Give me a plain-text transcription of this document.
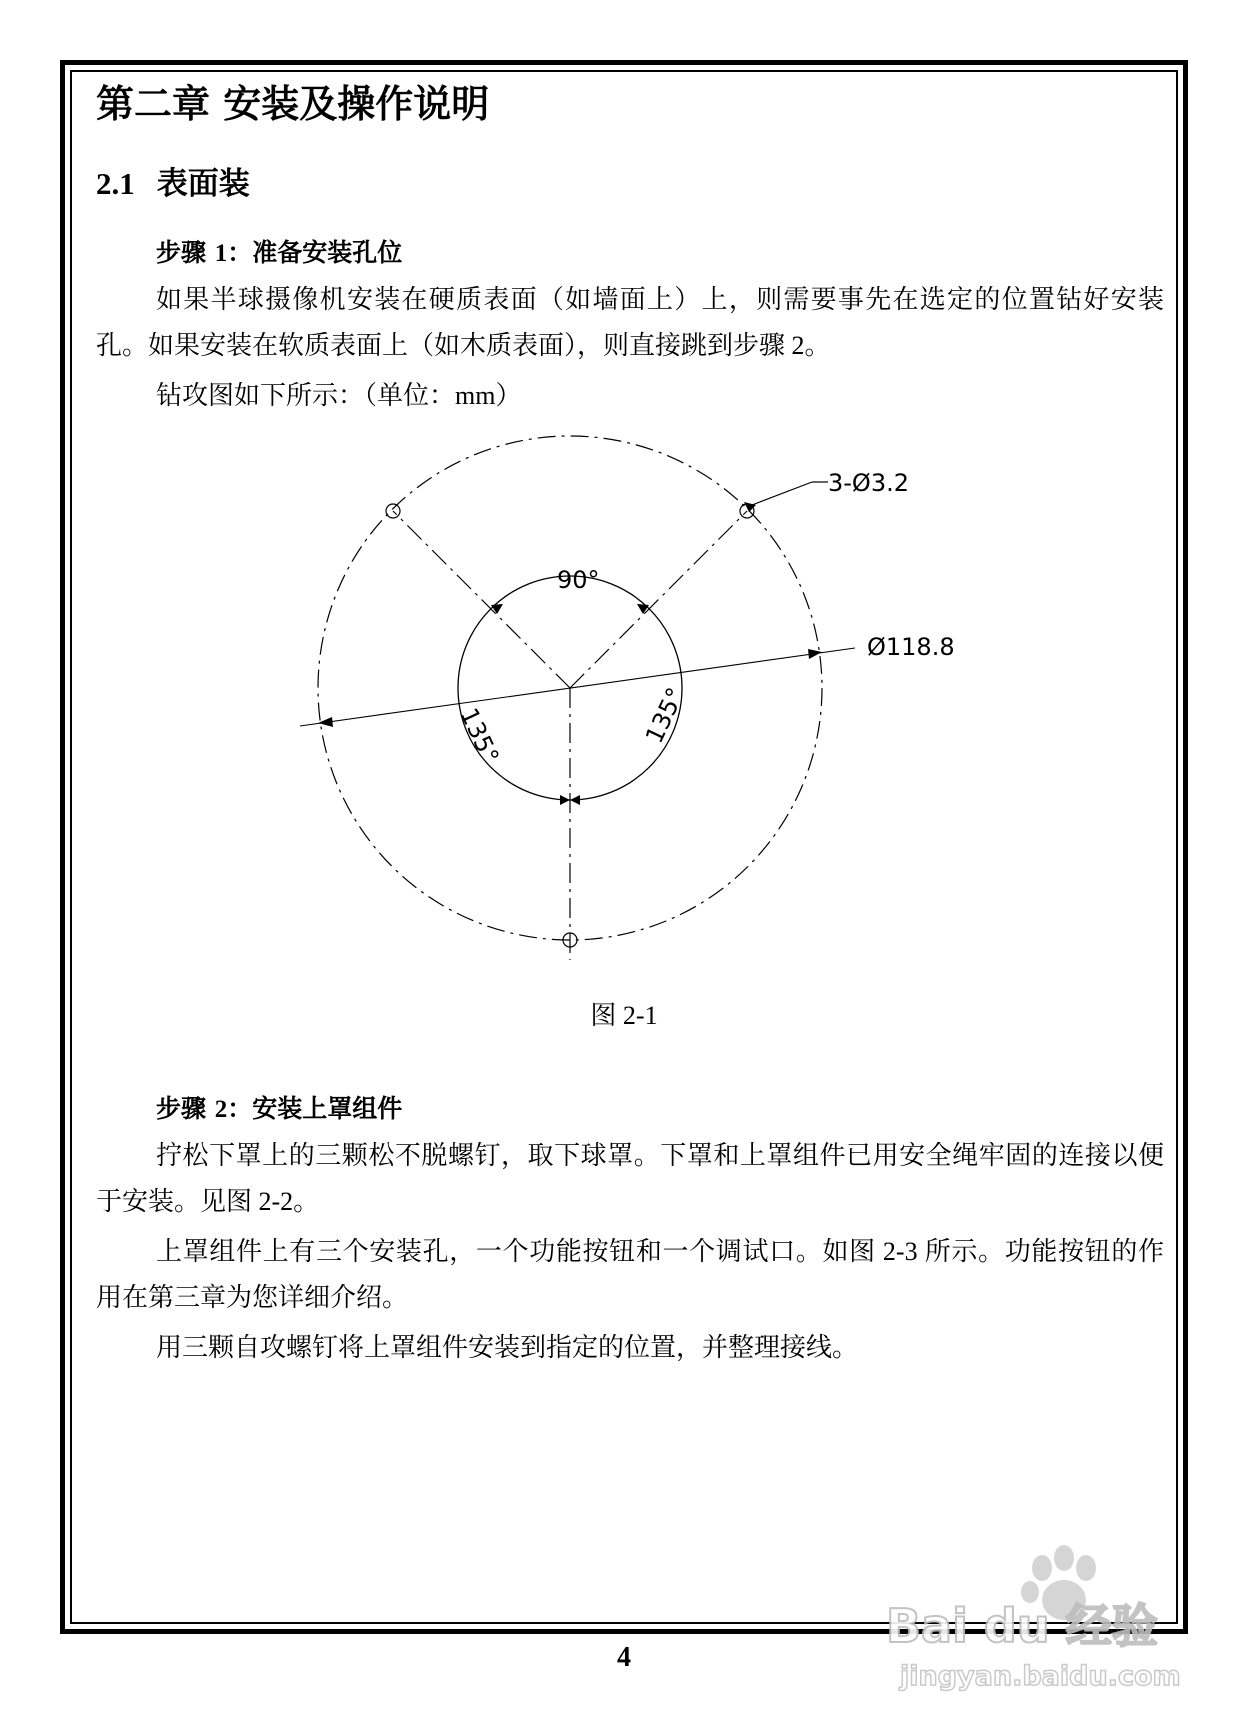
第二章 安装及操作说明
2.1 表面装
步骤 1：准备安装孔位

如果半球摄像机安装在硬质表面（如墙面上）上，则需要事先在选定的位置钻好安装孔。如果安装在软质表面上（如木质表面），则直接跳到步骤 2。

钻攻图如下所示：（单位：mm）

3-Ø3.2
Ø118.8
90°
135°	135°
图 2-1
步骤 2：安装上罩组件

拧松下罩上的三颗松不脱螺钉，取下球罩。下罩和上罩组件已用安全绳牢固的连接以便于安装。见图 2-2。

上罩组件上有三个安装孔，一个功能按钮和一个调试口。如图 2-3 所示。功能按钮的作用在第三章为您详细介绍。

用三颗自攻螺钉将上罩组件安装到指定的位置，并整理接线。

4
Bai du 经验
jingyan.baidu.com
